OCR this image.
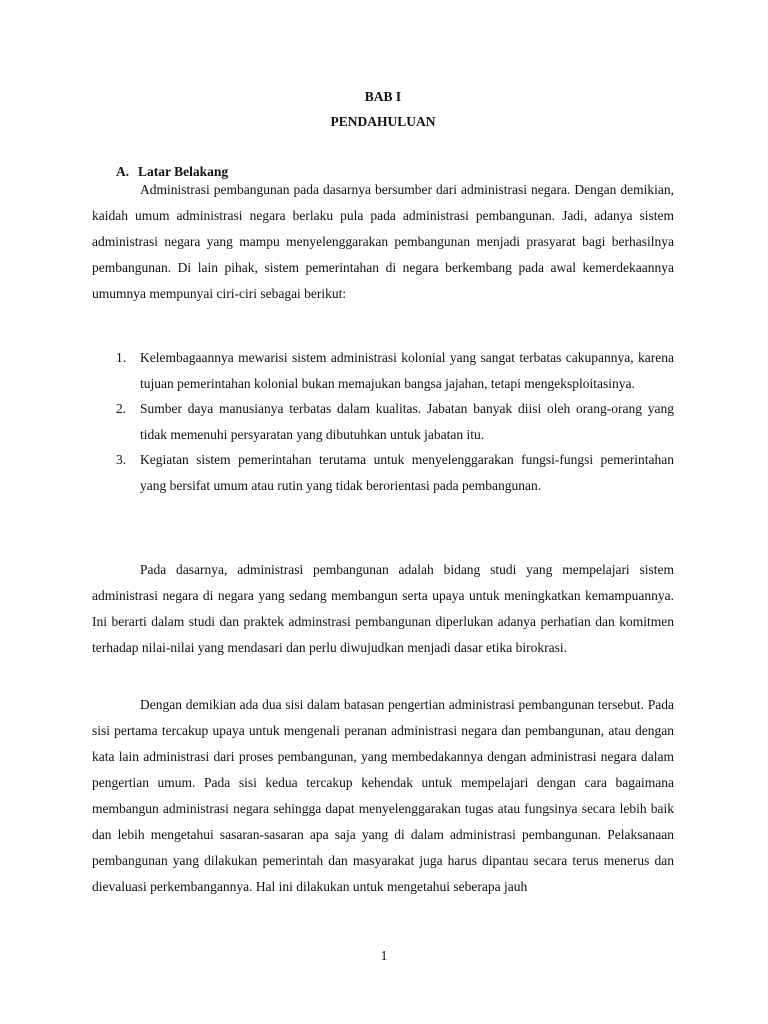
BAB I
PENDAHULUAN
A. Latar Belakang

Administrasi pembangunan pada dasarnya bersumber dari administrasi negara. Dengan demikian, kaidah umum administrasi negara berlaku pula pada administrasi pembangunan. Jadi, adanya sistem administrasi negara yang mampu menyelenggarakan pembangunan menjadi prasyarat bagi berhasilnya pembangunan. Di lain pihak, sistem pemerintahan di negara berkembang pada awal kemerdekaannya umumnya mempunyai ciri-ciri sebagai berikut:

1. Kelembagaannya mewarisi sistem administrasi kolonial yang sangat terbatas cakupannya, karena tujuan pemerintahan kolonial bukan memajukan bangsa jajahan, tetapi mengeksploitasinya.
2. Sumber daya manusianya terbatas dalam kualitas. Jabatan banyak diisi oleh orang-orang yang tidak memenuhi persyaratan yang dibutuhkan untuk jabatan itu.
3. Kegiatan sistem pemerintahan terutama untuk menyelenggarakan fungsi-fungsi pemerintahan yang bersifat umum atau rutin yang tidak berorientasi pada pembangunan.

Pada dasarnya, administrasi pembangunan adalah bidang studi yang mempelajari sistem administrasi negara di negara yang sedang membangun serta upaya untuk meningkatkan kemampuannya. Ini berarti dalam studi dan praktek adminstrasi pembangunan diperlukan adanya perhatian dan komitmen terhadap nilai-nilai yang mendasari dan perlu diwujudkan menjadi dasar etika birokrasi.

Dengan demikian ada dua sisi dalam batasan pengertian administrasi pembangunan tersebut. Pada sisi pertama tercakup upaya untuk mengenali peranan administrasi negara dan pembangunan, atau dengan kata lain administrasi dari proses pembangunan, yang membedakannya dengan administrasi negara dalam pengertian umum. Pada sisi kedua tercakup kehendak untuk mempelajari dengan cara bagaimana membangun administrasi negara sehingga dapat menyelenggarakan tugas atau fungsinya secara lebih baik dan lebih mengetahui sasaran-sasaran apa saja yang di dalam administrasi pembangunan. Pelaksanaan pembangunan yang dilakukan pemerintah dan masyarakat juga harus dipantau secara terus menerus dan dievaluasi perkembangannya. Hal ini dilakukan untuk mengetahui seberapa jauh

1
